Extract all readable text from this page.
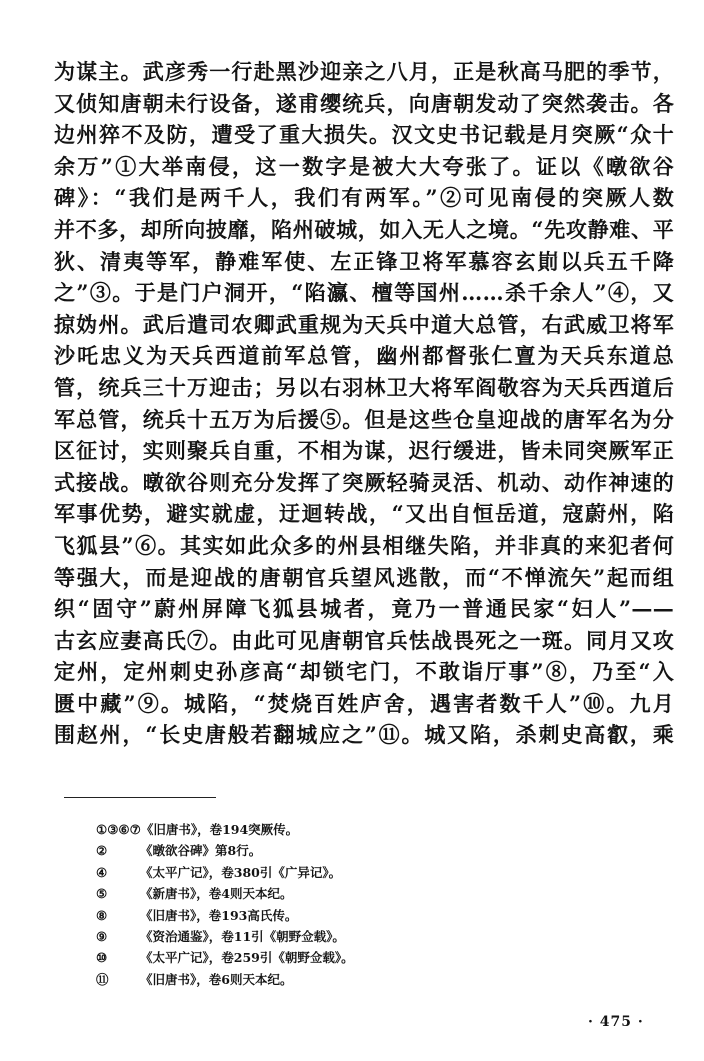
为谋主。武彦秀一行赴黑沙迎亲之八月，正是秋高马肥的季节，
又侦知唐朝未行设备，遂甫缨统兵，向唐朝发动了突然袭击。各
边州猝不及防，遭受了重大损失。汉文史书记载是月突厥“众十
余万”①大举南侵，这一数字是被大大夸张了。证以《暾欲谷
碑》：“我们是两千人，我们有两军。”②可见南侵的突厥人数
并不多，却所向披靡，陷州破城，如入无人之境。“先攻静难、平
狄、清夷等军，静难军使、左正锋卫将军慕容玄崱以兵五千降
之”③。于是门户洞开，“陷瀛、檀等国州……杀千余人”④，又
掠妫州。武后遣司农卿武重规为天兵中道大总管，右武威卫将军
沙吒忠义为天兵西道前军总管，幽州都督张仁亶为天兵东道总
管，统兵三十万迎击；另以右羽林卫大将军阎敬容为天兵西道后
军总管，统兵十五万为后援⑤。但是这些仓皇迎战的唐军名为分
区征讨，实则聚兵自重，不相为谋，迟行缓进，皆未同突厥军正
式接战。暾欲谷则充分发挥了突厥轻骑灵活、机动、动作神速的
军事优势，避实就虚，迂迴转战，“又出自恒岳道，寇蔚州，陷
飞狐县”⑥。其实如此众多的州县相继失陷，并非真的来犯者何
等强大，而是迎战的唐朝官兵望风逃散，而“不惮流矢”起而组
织“固守”蔚州屏障飞狐县城者，竟乃一普通民家“妇人”——
古玄应妻高氏⑦。由此可见唐朝官兵怯战畏死之一斑。同月又攻
定州，定州刺史孙彦高“却锁宅门，不敢诣厅事”⑧，乃至“入
匮中藏”⑨。城陷，“焚烧百姓庐舍，遇害者数千人”⑩。九月
围赵州，“长史唐般若翻城应之”⑪。城又陷，杀刺史高叡，乘
①③⑥⑦《旧唐书》，卷194突厥传。
②	《暾欲谷碑》第8行。
④	《太平广记》，卷380引《广异记》。
⑤	《新唐书》，卷4则天本纪。
⑧	《旧唐书》，卷193高氏传。
⑨	《资治通鉴》，卷11引《朝野佥载》。
⑩	《太平广记》，卷259引《朝野佥载》。
⑪	《旧唐书》，卷6则天本纪。
· 475 ·
